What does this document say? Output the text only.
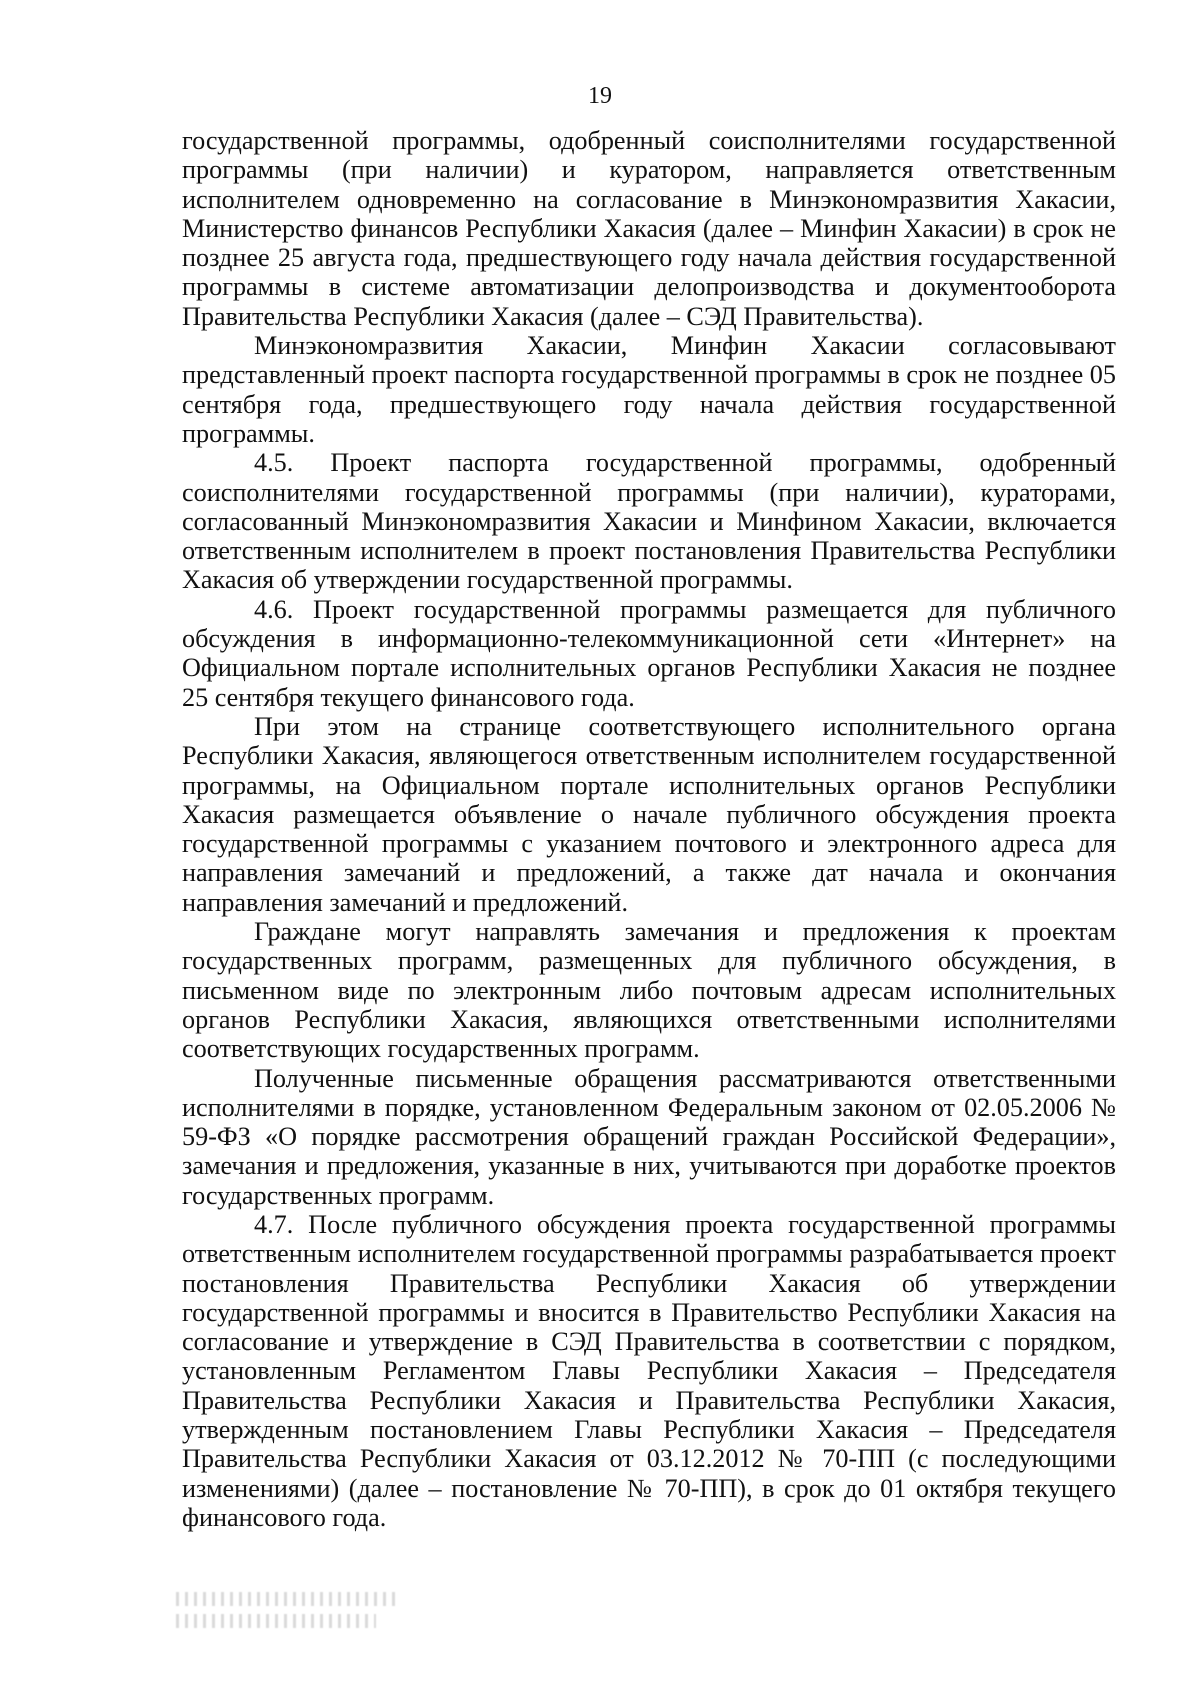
19

государственной программы, одобренный соисполнителями государственной программы (при наличии) и куратором, направляется ответственным исполнителем одновременно на согласование в Минэкономразвития Хакасии, Министерство финансов Республики Хакасия (далее – Минфин Хакасии) в срок не позднее 25 августа года, предшествующего году начала действия государственной программы в системе автоматизации делопроизводства и документооборота Правительства Республики Хакасия (далее – СЭД Правительства).

Минэкономразвития Хакасии, Минфин Хакасии согласовывают представленный проект паспорта государственной программы в срок не позднее 05 сентября года, предшествующего году начала действия государственной программы.

4.5. Проект паспорта государственной программы, одобренный соисполнителями государственной программы (при наличии), кураторами, согласованный Минэкономразвития Хакасии и Минфином Хакасии, включается ответственным исполнителем в проект постановления Правительства Республики Хакасия об утверждении государственной программы.

4.6. Проект государственной программы размещается для публичного обсуждения в информационно-телекоммуникационной сети «Интернет» на Официальном портале исполнительных органов Республики Хакасия не позднее 25 сентября текущего финансового года.

При этом на странице соответствующего исполнительного органа Республики Хакасия, являющегося ответственным исполнителем государственной программы, на Официальном портале исполнительных органов Республики Хакасия размещается объявление о начале публичного обсуждения проекта государственной программы с указанием почтового и электронного адреса для направления замечаний и предложений, а также дат начала и окончания направления замечаний и предложений.

Граждане могут направлять замечания и предложения к проектам государственных программ, размещенных для публичного обсуждения, в письменном виде по электронным либо почтовым адресам исполнительных органов Республики Хакасия, являющихся ответственными исполнителями соответствующих государственных программ.

Полученные письменные обращения рассматриваются ответственными исполнителями в порядке, установленном Федеральным законом от 02.05.2006 № 59-ФЗ «О порядке рассмотрения обращений граждан Российской Федерации», замечания и предложения, указанные в них, учитываются при доработке проектов государственных программ.

4.7. После публичного обсуждения проекта государственной программы ответственным исполнителем государственной программы разрабатывается проект постановления Правительства Республики Хакасия об утверждении государственной программы и вносится в Правительство Республики Хакасия на согласование и утверждение в СЭД Правительства в соответствии с порядком, установленным Регламентом Главы Республики Хакасия – Председателя Правительства Республики Хакасия и Правительства Республики Хакасия, утвержденным постановлением Главы Республики Хакасия – Председателя Правительства Республики Хакасия от 03.12.2012 № 70-ПП (с последующими изменениями) (далее – постановление № 70-ПП), в срок до 01 октября текущего финансового года.
